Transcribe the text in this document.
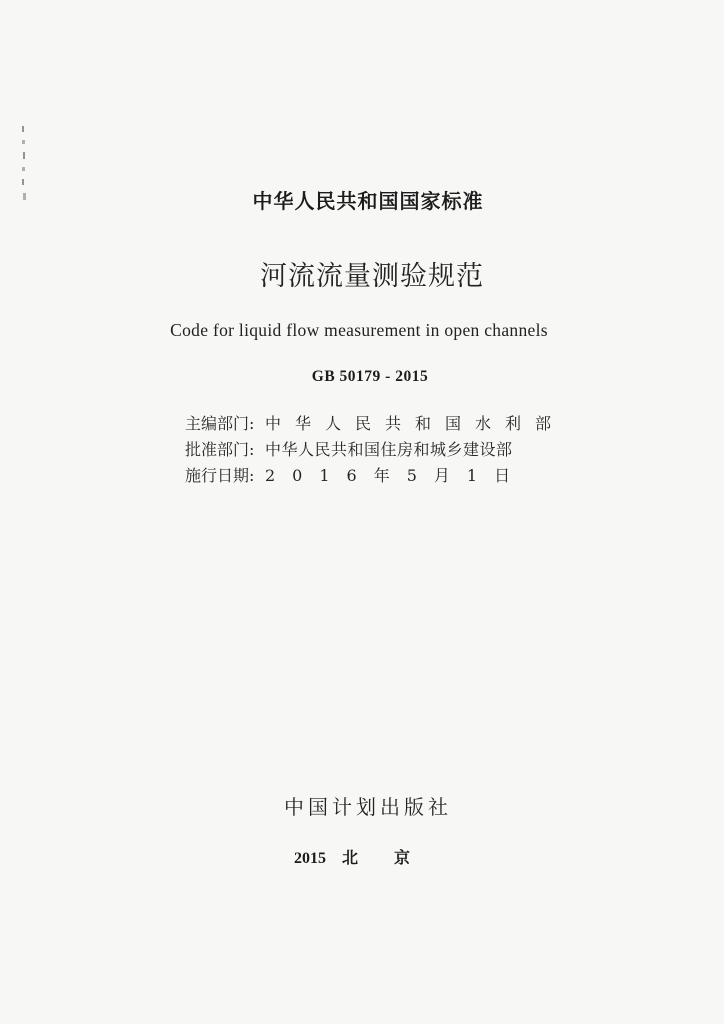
中华人民共和国国家标准
河流流量测验规范
Code for liquid flow measurement in open channels
GB 50179 - 2015
主编部门: 中华人民共和国水利部
批准部门: 中华人民共和国住房和城乡建设部
施行日期: 2016年5月1日
中国计划出版社
2015 北京
